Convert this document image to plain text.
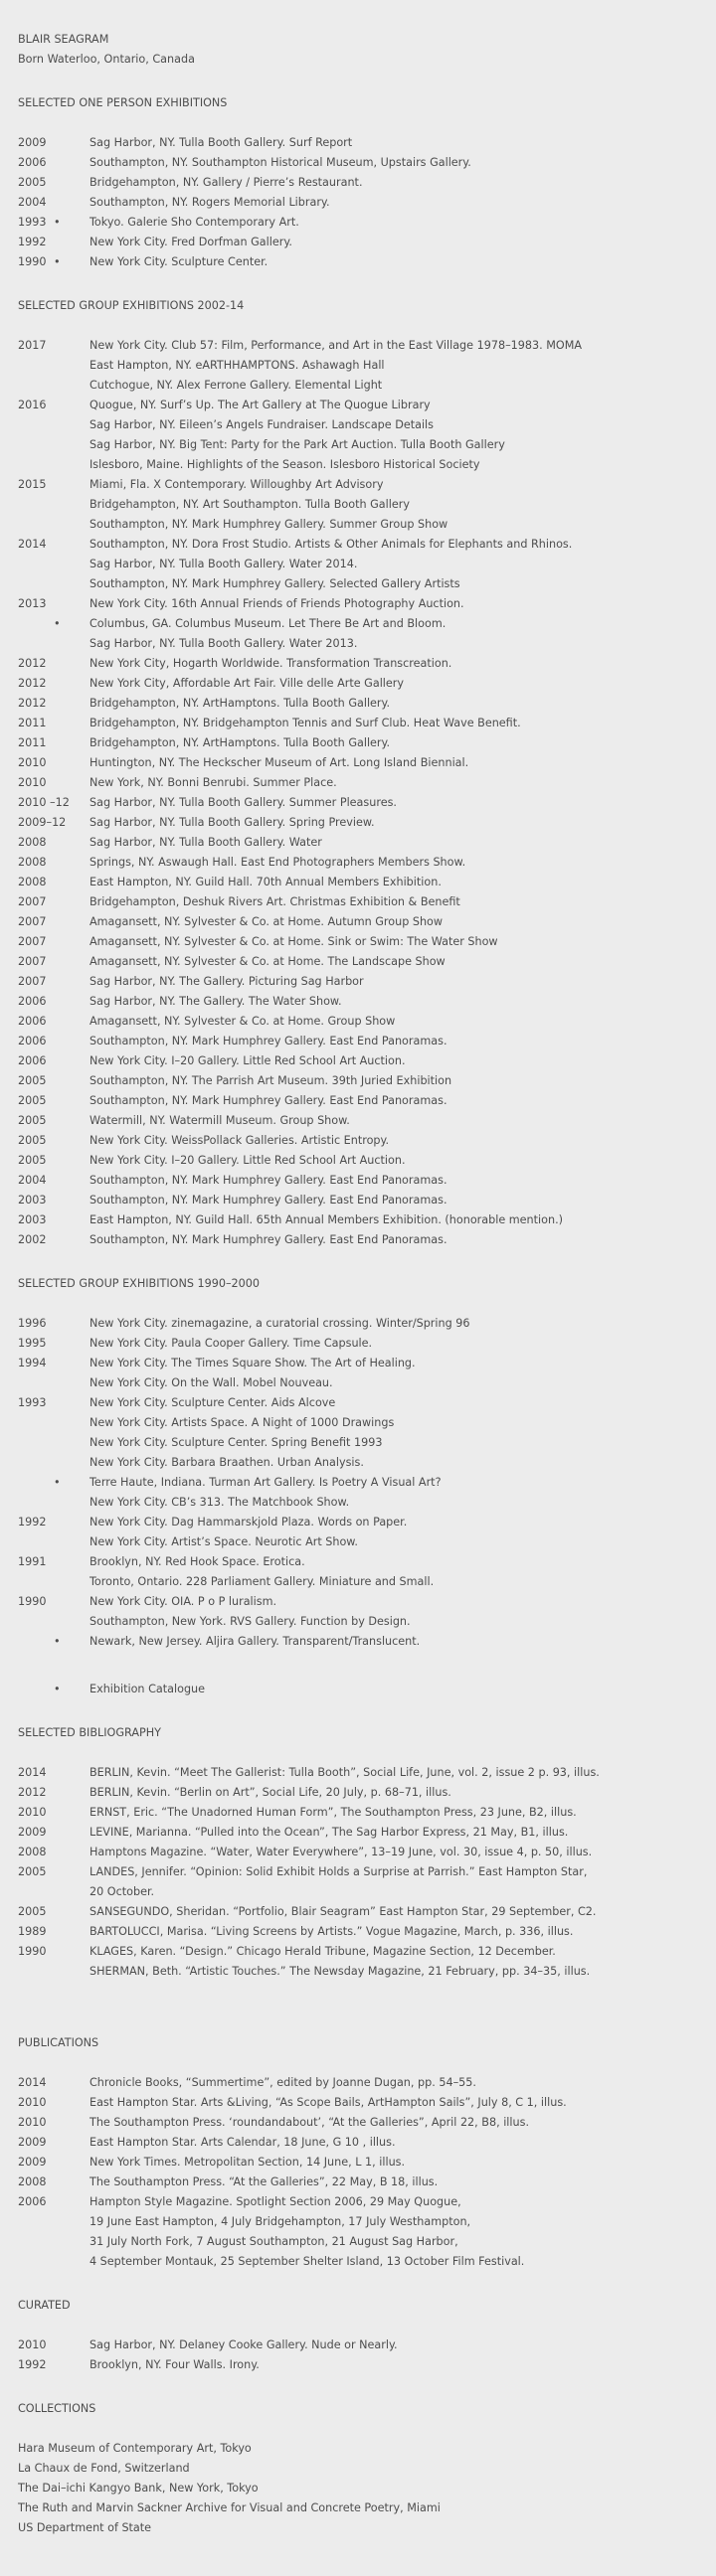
BLAIR SEAGRAM
Born Waterloo, Ontario, Canada
SELECTED ONE PERSON EXHIBITIONS
2009	Sag Harbor, NY. Tulla Booth Gallery. Surf Report
2006	Southampton, NY. Southampton Historical Museum, Upstairs Gallery.
2005	Bridgehampton, NY. Gallery / Pierre’s Restaurant.
2004	Southampton, NY. Rogers Memorial Library.
1993 •	Tokyo. Galerie Sho Contemporary Art.
1992	New York City. Fred Dorfman Gallery.
1990 •	New York City. Sculpture Center.
SELECTED GROUP EXHIBITIONS 2002-14
2017	New York City. Club 57: Film, Performance, and Art in the East Village 1978–1983. MOMA
East Hampton, NY. eARTHHAMPTONS. Ashawagh Hall
Cutchogue, NY. Alex Ferrone Gallery. Elemental Light
2016	Quogue, NY. Surf’s Up. The Art Gallery at The Quogue Library
Sag Harbor, NY. Eileen’s Angels Fundraiser. Landscape Details
Sag Harbor, NY. Big Tent: Party for the Park Art Auction. Tulla Booth Gallery
Islesboro, Maine. Highlights of the Season. Islesboro Historical Society
2015	Miami, Fla. X Contemporary. Willoughby Art Advisory
Bridgehampton, NY. Art Southampton. Tulla Booth Gallery
Southampton, NY. Mark Humphrey Gallery. Summer Group Show
2014	Southampton, NY. Dora Frost Studio. Artists & Other Animals for Elephants and Rhinos.
Sag Harbor, NY. Tulla Booth Gallery. Water 2014.
Southampton, NY. Mark Humphrey Gallery. Selected Gallery Artists
2013	New York City. 16th Annual Friends of Friends Photography Auction.
•	Columbus, GA. Columbus Museum. Let There Be Art and Bloom.
Sag Harbor, NY. Tulla Booth Gallery. Water 2013.
2012	New York City, Hogarth Worldwide. Transformation Transcreation.
2012	New York City, Affordable Art Fair. Ville delle Arte Gallery
2012	Bridgehampton, NY. ArtHamptons. Tulla Booth Gallery.
2011	Bridgehampton, NY. Bridgehampton Tennis and Surf Club. Heat Wave Benefit.
2011	Bridgehampton, NY. ArtHamptons. Tulla Booth Gallery.
2010	Huntington, NY. The Heckscher Museum of Art. Long Island Biennial.
2010	New York, NY. Bonni Benrubi. Summer Place.
2010 –12 Sag Harbor, NY. Tulla Booth Gallery. Summer Pleasures.
2009–12 Sag Harbor, NY. Tulla Booth Gallery. Spring Preview.
2008	Sag Harbor, NY. Tulla Booth Gallery. Water
2008	Springs, NY. Aswaugh Hall. East End Photographers Members Show.
2008	East Hampton, NY. Guild Hall. 70th Annual Members Exhibition.
2007	Bridgehampton, Deshuk Rivers Art. Christmas Exhibition & Benefit
2007	Amagansett, NY. Sylvester & Co. at Home. Autumn Group Show
2007	Amagansett, NY. Sylvester & Co. at Home. Sink or Swim: The Water Show
2007	Amagansett, NY. Sylvester & Co. at Home. The Landscape Show
2007	Sag Harbor, NY. The Gallery. Picturing Sag Harbor
2006	Sag Harbor, NY. The Gallery. The Water Show.
2006	Amagansett, NY. Sylvester & Co. at Home. Group Show
2006	Southampton, NY. Mark Humphrey Gallery. East End Panoramas.
2006	New York City. I–20 Gallery. Little Red School Art Auction.
2005	Southampton, NY. The Parrish Art Museum. 39th Juried Exhibition
2005	Southampton, NY. Mark Humphrey Gallery. East End Panoramas.
2005	Watermill, NY. Watermill Museum. Group Show.
2005	New York City. WeissPollack Galleries. Artistic Entropy.
2005	New York City. I–20 Gallery. Little Red School Art Auction.
2004	Southampton, NY. Mark Humphrey Gallery. East End Panoramas.
2003	Southampton, NY. Mark Humphrey Gallery. East End Panoramas.
2003	East Hampton, NY. Guild Hall. 65th Annual Members Exhibition. (honorable mention.)
2002	Southampton, NY. Mark Humphrey Gallery. East End Panoramas.
SELECTED GROUP EXHIBITIONS 1990–2000
1996	New York City. zinemagazine, a curatorial crossing. Winter/Spring 96
1995	New York City. Paula Cooper Gallery. Time Capsule.
1994	New York City. The Times Square Show. The Art of Healing.
New York City. On the Wall. Mobel Nouveau.
1993	New York City. Sculpture Center. Aids Alcove
New York City. Artists Space. A Night of 1000 Drawings
New York City. Sculpture Center. Spring Benefit 1993
New York City. Barbara Braathen. Urban Analysis.
•	Terre Haute, Indiana. Turman Art Gallery. Is Poetry A Visual Art?
New York City. CB’s 313. The Matchbook Show.
1992	New York City. Dag Hammarskjold Plaza. Words on Paper.
New York City. Artist’s Space. Neurotic Art Show.
1991	Brooklyn, NY. Red Hook Space. Erotica.
Toronto, Ontario. 228 Parliament Gallery. Miniature and Small.
1990	New York City. OIA. P o P luralism.
Southampton, New York. RVS Gallery. Function by Design.
•	Newark, New Jersey. Aljira Gallery. Transparent/Translucent.
•	Exhibition Catalogue
SELECTED BIBLIOGRAPHY
2014	BERLIN, Kevin. “Meet The Gallerist: Tulla Booth”, Social Life, June, vol. 2, issue 2 p. 93, illus.
2012	BERLIN, Kevin. “Berlin on Art”, Social Life, 20 July, p. 68–71, illus.
2010	ERNST, Eric. “The Unadorned Human Form”, The Southampton Press, 23 June, B2, illus.
2009	LEVINE, Marianna. “Pulled into the Ocean”, The Sag Harbor Express, 21 May, B1, illus.
2008	Hamptons Magazine. “Water, Water Everywhere”, 13–19 June, vol. 30, issue 4, p. 50, illus.
2005	LANDES, Jennifer. “Opinion: Solid Exhibit Holds a Surprise at Parrish.” East Hampton Star,
20 October.
2005	SANSEGUNDO, Sheridan. “Portfolio, Blair Seagram” East Hampton Star, 29 September, C2.
1989	BARTOLUCCI, Marisa. “Living Screens by Artists.” Vogue Magazine, March, p. 336, illus.
1990	KLAGES, Karen. “Design.” Chicago Herald Tribune, Magazine Section, 12 December.
SHERMAN, Beth. “Artistic Touches.” The Newsday Magazine, 21 February, pp. 34–35, illus.
PUBLICATIONS
2014	Chronicle Books, “Summertime”, edited by Joanne Dugan, pp. 54–55.
2010	East Hampton Star. Arts &Living, “As Scope Bails, ArtHampton Sails”, July 8, C 1, illus.
2010	The Southampton Press. ‘roundandabout’, “At the Galleries”, April 22, B8, illus.
2009	East Hampton Star. Arts Calendar, 18 June, G 10 , illus.
2009	New York Times. Metropolitan Section, 14 June, L 1, illus.
2008	The Southampton Press. “At the Galleries”, 22 May, B 18, illus.
2006	Hampton Style Magazine. Spotlight Section 2006, 29 May Quogue,
19 June East Hampton, 4 July Bridgehampton, 17 July Westhampton,
31 July North Fork, 7 August Southampton, 21 August Sag Harbor,
4 September Montauk, 25 September Shelter Island, 13 October Film Festival.
CURATED
2010	Sag Harbor, NY. Delaney Cooke Gallery. Nude or Nearly.
1992	Brooklyn, NY. Four Walls. Irony.
COLLECTIONS
Hara Museum of Contemporary Art, Tokyo
La Chaux de Fond, Switzerland
The Dai–ichi Kangyo Bank, New York, Tokyo
The Ruth and Marvin Sackner Archive for Visual and Concrete Poetry, Miami
US Department of State
